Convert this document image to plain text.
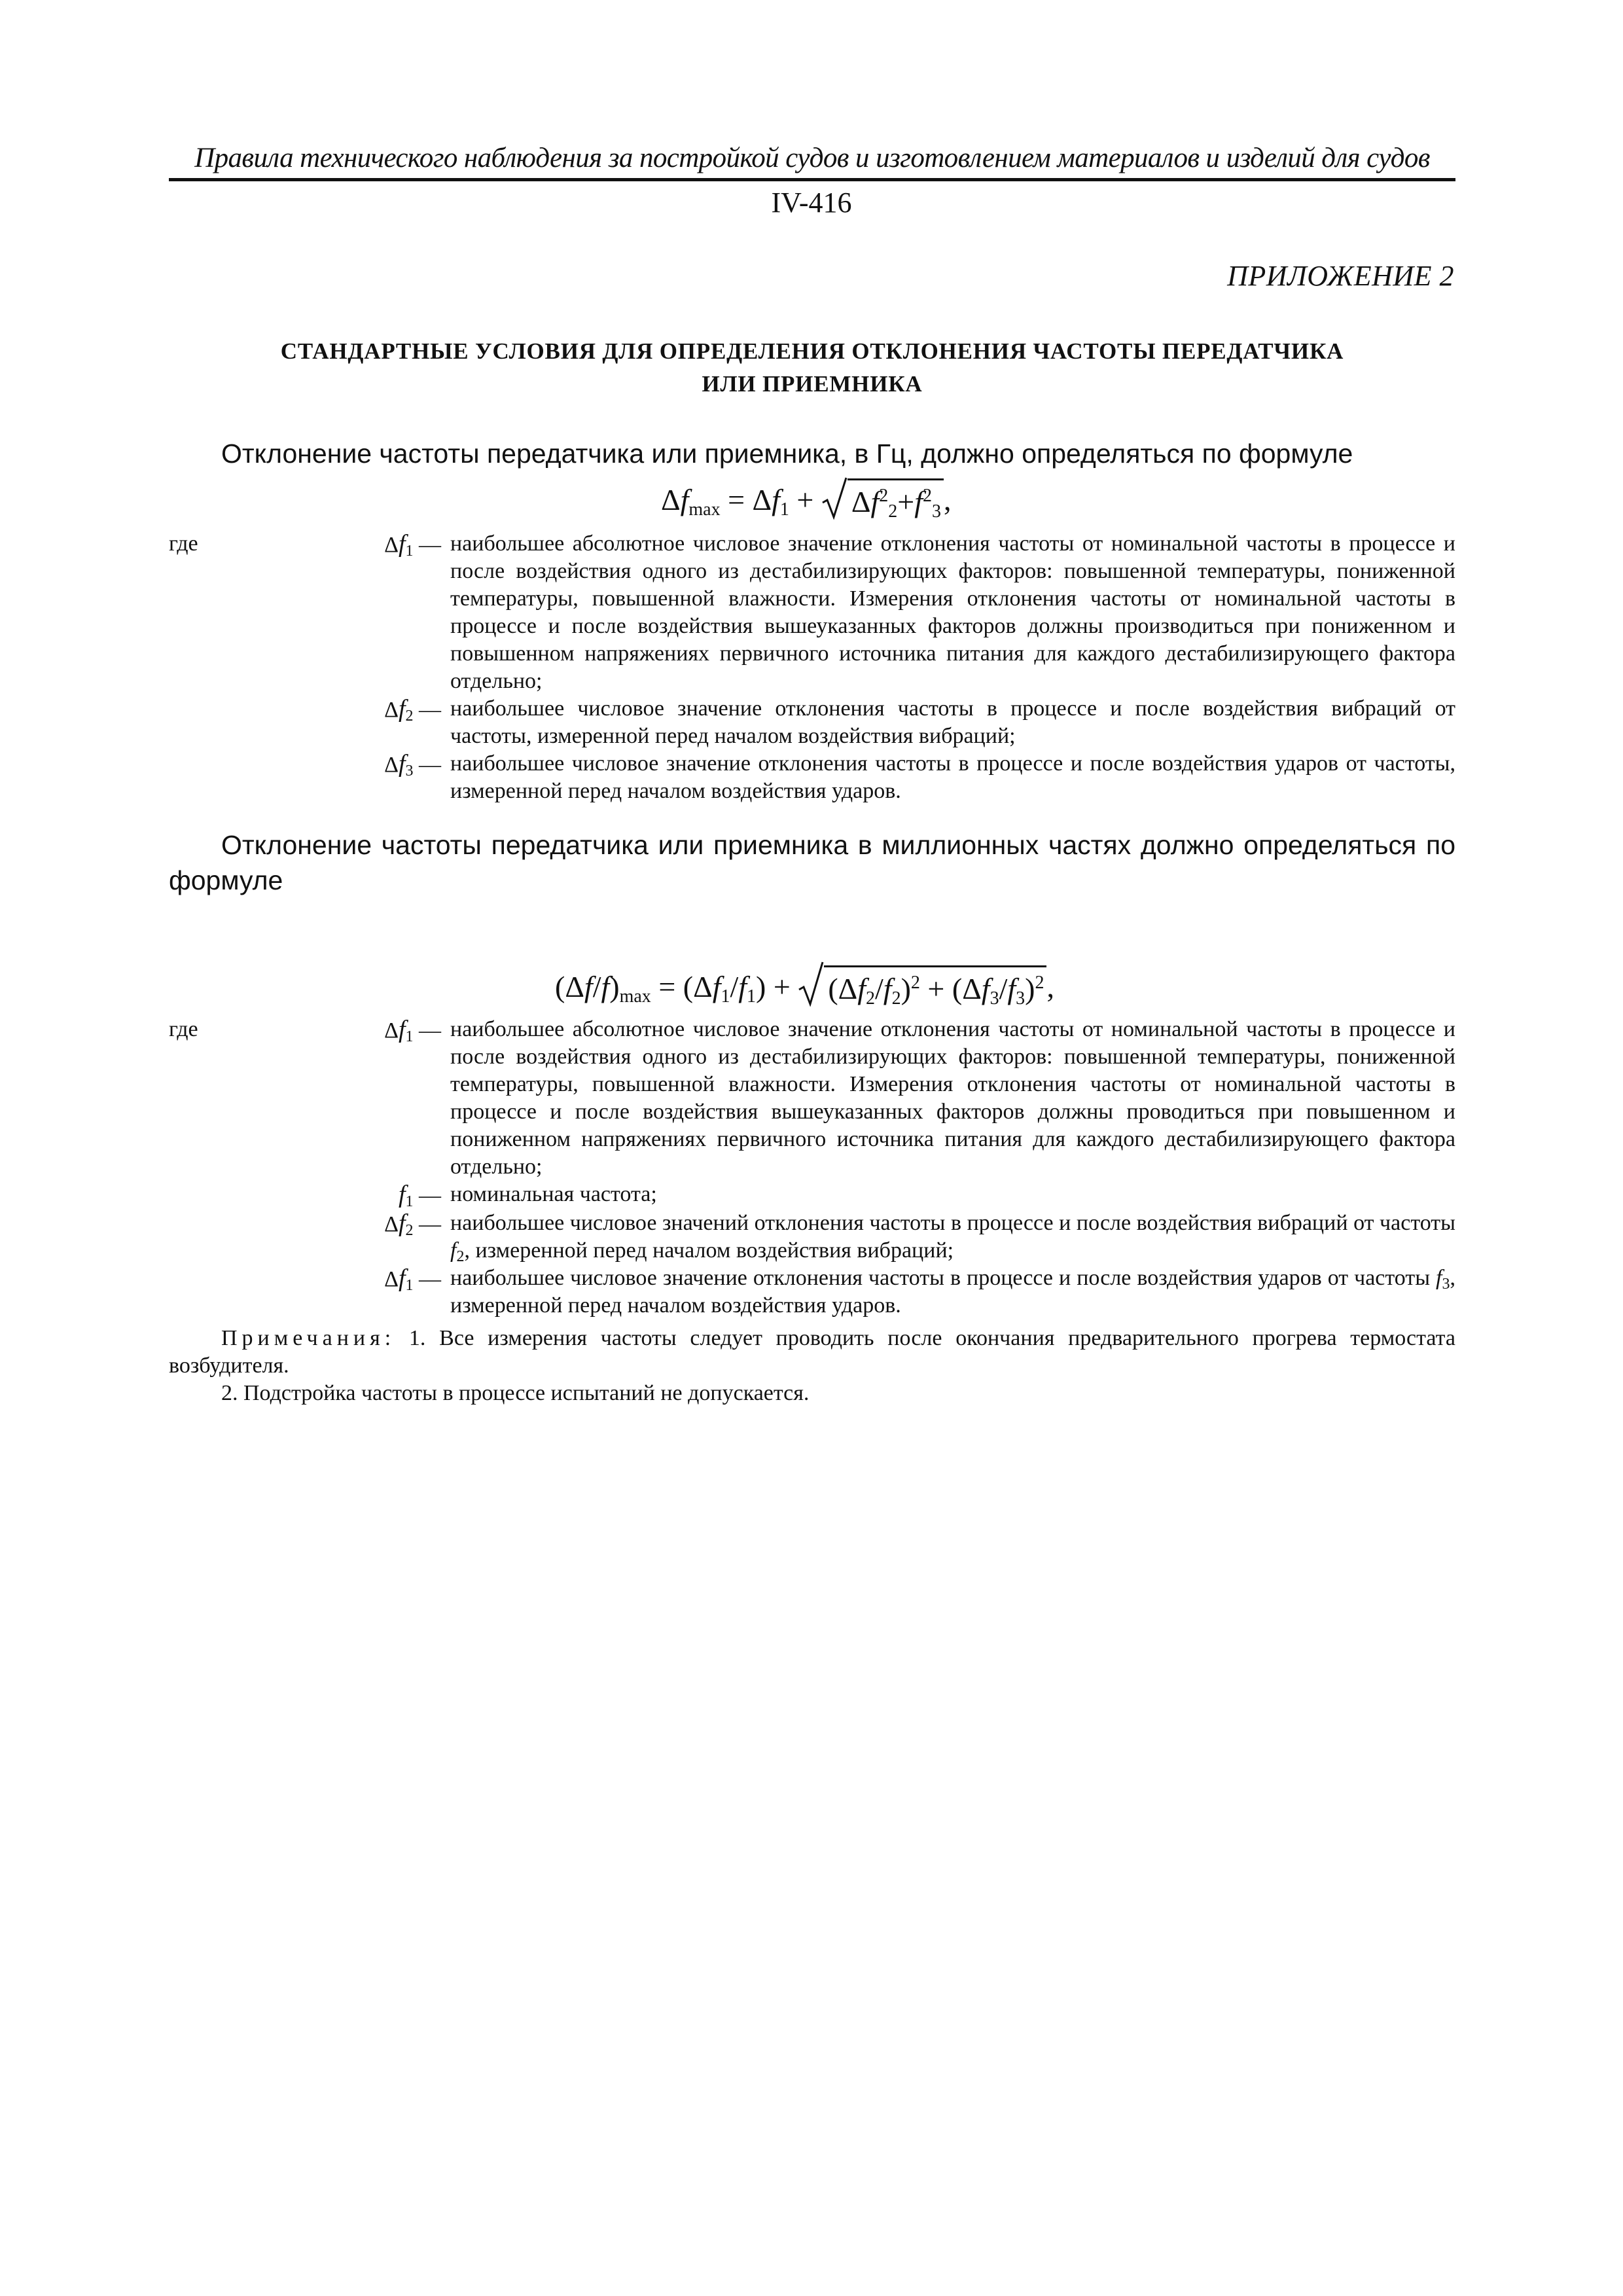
Правила технического наблюдения за постройкой судов и изготовлением материалов и изделий для судов
IV-416
ПРИЛОЖЕНИЕ 2
СТАНДАРТНЫЕ УСЛОВИЯ ДЛЯ ОПРЕДЕЛЕНИЯ ОТКЛОНЕНИЯ ЧАСТОТЫ ПЕРЕДАТЧИКА
ИЛИ ПРИЕМНИКА
Отклонение частоты передатчика или приемника, в Гц, должно определяться по формуле
$\Delta f_{max} = \Delta f_1 + \Delta f^2_2+f^2_3$ ,
где	$\Delta f_1$ — наибольшее абсолютное числовое значение отклонения частоты от номинальной частоты в процессе и после воздействия одного из дестабилизирующих факторов: повышенной температуры, пониженной температуры, повышенной влажности. Измерения отклонения частоты от номинальной частоты в процессе и после воздействия вышеуказанных факторов должны производиться при пониженном и повышенном напряжениях первичного источника питания для каждого дестабилизирующего фактора отдельно;
$\Delta f_2$ — наибольшее числовое значение отклонения частоты в процессе и после воздействия вибраций от частоты, измеренной перед началом воздействия вибраций;
$\Delta f_3$ — наибольшее числовое значение отклонения частоты в процессе и после воздействия ударов от частоты, измеренной перед началом воздействия ударов.
Отклонение частоты передатчика или приемника в миллионных частях должно определяться по формуле
$(\Delta f/f)_{max} = (\Delta f_1/f_1) + (\Delta f_2/f_2)^2 + (\Delta f_3/f_3)^2$ ,
где	$\Delta f_1$ — наибольшее абсолютное числовое значение отклонения частоты от номинальной частоты в процессе и после воздействия одного из дестабилизирующих факторов: повышенной температуры, пониженной температуры, повышенной влажности. Измерения отклонения частоты от номинальной частоты в процессе и после воздействия вышеуказанных факторов должны проводиться при повышенном и пониженном напряжениях первичного источника питания для каждого дестабилизирующего фактора отдельно;
$f_1$ — номинальная частота;
$\Delta f_2$ — наибольшее числовое значений отклонения частоты в процессе и после воздействия вибраций от частоты $f_2$, измеренной перед началом воздействия вибраций;
$\Delta f_1$ — наибольшее числовое значение отклонения частоты в процессе и после воздействия ударов от частоты $f_3$, измеренной перед началом воздействия ударов.
Примечания: 1. Все измерения частоты следует проводить после окончания предварительного прогрева термостата возбудителя.
2. Подстройка частоты в процессе испытаний не допускается.
